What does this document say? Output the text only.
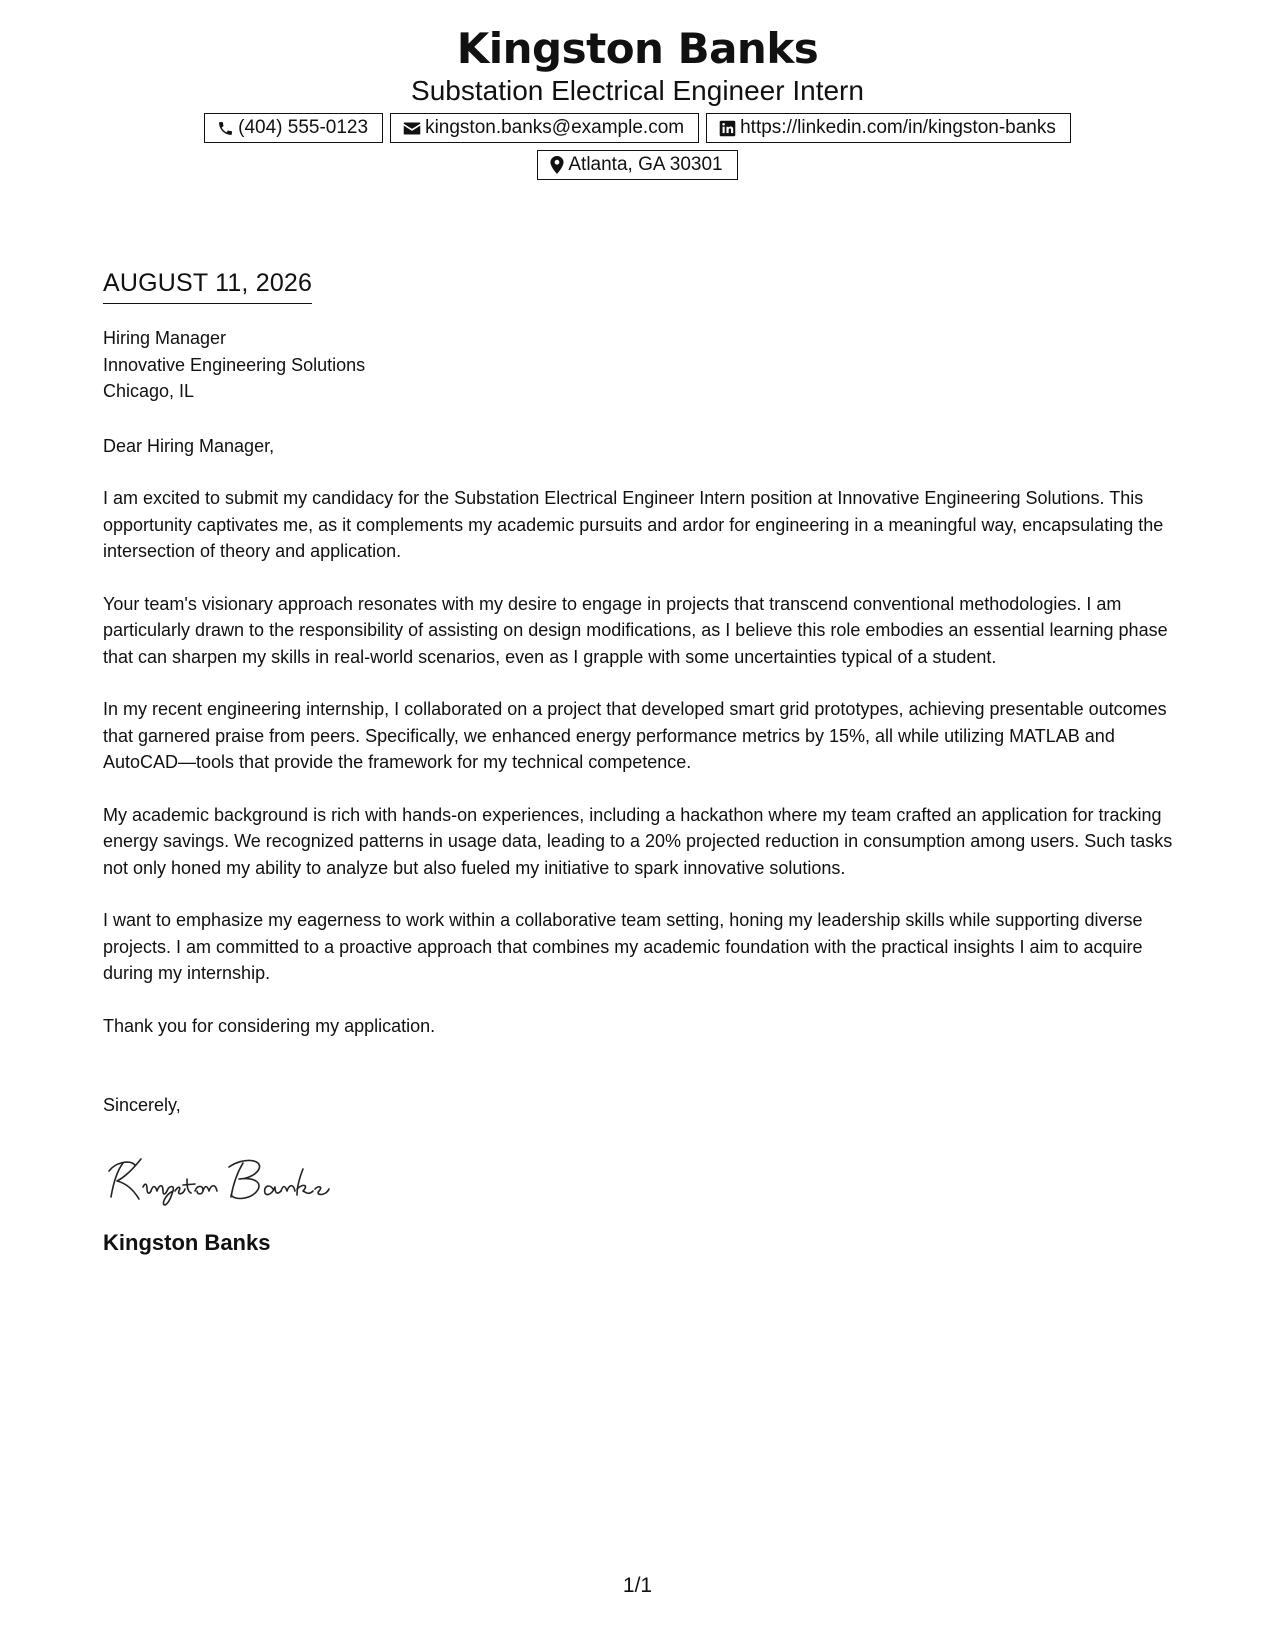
Kingston Banks
Substation Electrical Engineer Intern
(404) 555-0123	kingston.banks@example.com	https://linkedin.com/in/kingston-banks
Atlanta, GA 30301
AUGUST 11, 2026
Hiring Manager
Innovative Engineering Solutions
Chicago, IL

Dear Hiring Manager,

I am excited to submit my candidacy for the Substation Electrical Engineer Intern position at Innovative Engineering Solutions. This opportunity captivates me, as it complements my academic pursuits and ardor for engineering in a meaningful way, encapsulating the intersection of theory and application.

Your team's visionary approach resonates with my desire to engage in projects that transcend conventional methodologies. I am particularly drawn to the responsibility of assisting on design modifications, as I believe this role embodies an essential learning phase that can sharpen my skills in real-world scenarios, even as I grapple with some uncertainties typical of a student.

In my recent engineering internship, I collaborated on a project that developed smart grid prototypes, achieving presentable outcomes that garnered praise from peers. Specifically, we enhanced energy performance metrics by 15%, all while utilizing MATLAB and AutoCAD—tools that provide the framework for my technical competence.

My academic background is rich with hands-on experiences, including a hackathon where my team crafted an application for tracking energy savings. We recognized patterns in usage data, leading to a 20% projected reduction in consumption among users. Such tasks not only honed my ability to analyze but also fueled my initiative to spark innovative solutions.

I want to emphasize my eagerness to work within a collaborative team setting, honing my leadership skills while supporting diverse projects. I am committed to a proactive approach that combines my academic foundation with the practical insights I aim to acquire during my internship.

Thank you for considering my application.

Sincerely,

Kingston Banks
1/1
